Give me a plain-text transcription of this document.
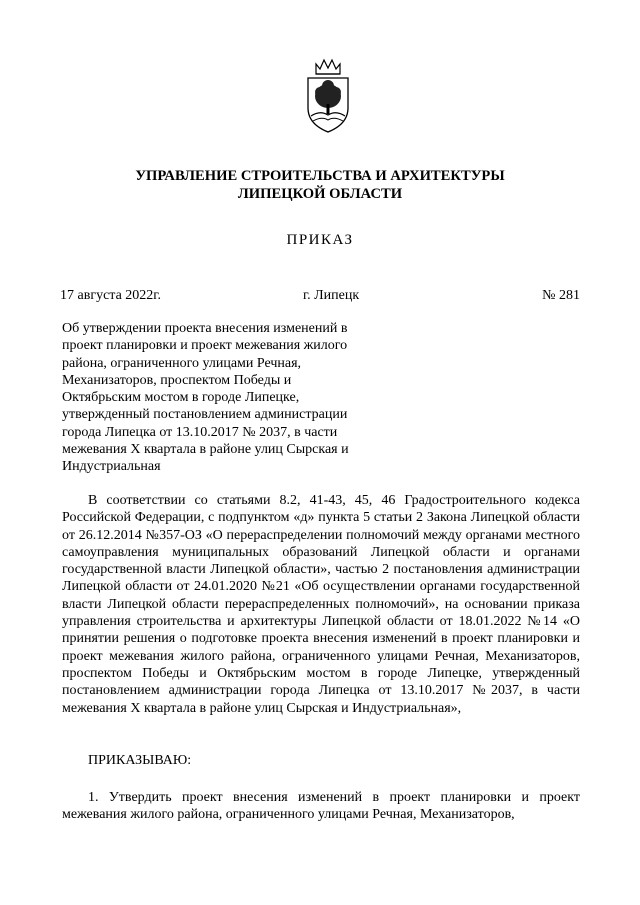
УПРАВЛЕНИЕ СТРОИТЕЛЬСТВА И АРХИТЕКТУРЫ
ЛИПЕЦКОЙ ОБЛАСТИ
ПРИКАЗ
17 августа 2022г.	г. Липецк	№ 281
Об утверждении проекта внесения изменений в
проект планировки и проект межевания жилого
района, ограниченного улицами Речная,
Механизаторов, проспектом Победы и
Октябрьским мостом в городе Липецке,
утвержденный постановлением администрации
города Липецка от 13.10.2017 № 2037, в части
межевания X квартала в районе улиц Сырская и
Индустриальная
В соответствии со статьями 8.2, 41-43, 45, 46 Градостроительного кодекса Российской Федерации, с подпунктом «д» пункта 5 статьи 2 Закона Липецкой области от 26.12.2014 №357-ОЗ «О перераспределении полномочий между органами местного самоуправления муниципальных образований Липецкой области и органами государственной власти Липецкой области», частью 2 постановления администрации Липецкой области от 24.01.2020 №21 «Об осуществлении органами государственной власти Липецкой области перераспределенных полномочий», на основании приказа управления строительства и архитектуры Липецкой области от 18.01.2022 №14 «О принятии решения о подготовке проекта внесения изменений в проект планировки и проект межевания жилого района, ограниченного улицами Речная, Механизаторов, проспектом Победы и Октябрьским мостом в городе Липецке, утвержденный постановлением администрации города Липецка от 13.10.2017 №2037, в части межевания X квартала в районе улиц Сырская и Индустриальная»,
ПРИКАЗЫВАЮ:
1. Утвердить проект внесения изменений в проект планировки и проект межевания жилого района, ограниченного улицами Речная, Механизаторов,
